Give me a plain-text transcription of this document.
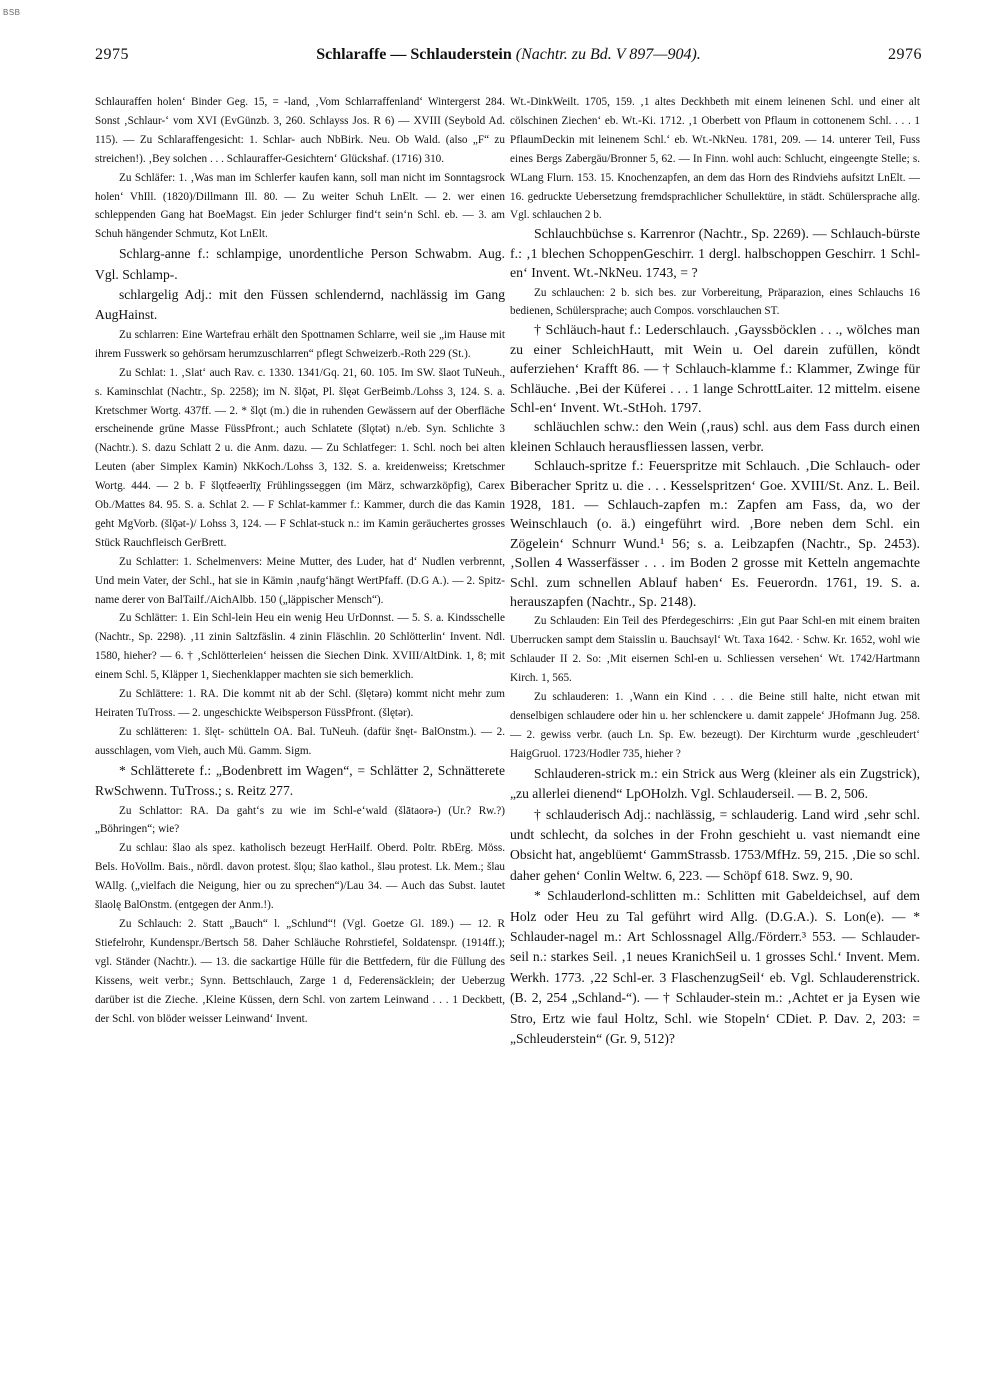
BSB
2975	Schlaraffe — Schlauderstein (Nachtr. zu Bd. V 897—904).	2976

Schlauraffen holen‘ Binder Geg. 15, = -land, ‚Vom Schlarraffenland‘ Wintergerst 284. Sonst ‚Schlaur-‘ vom XVI (EvGünzb. 3, 260. Schlayss Jos. R 6) — XVIII (Seybold Ad. 115). — Zu Schlaraffengesicht: 1. Schlar- auch NbBirk. Neu. Ob Wald. (also „F“ zu streichen!). ‚Bey solchen . . . Schlauraffer-Gesichtern‘ Glückshaf. (1716) 310.

Zu Schläfer: 1. ‚Was man im Schlerfer kaufen kann, soll man nicht im Sonntagsrock holen‘ VhIll. (1820)/Dillmann Ill. 80. — Zu weiter Schuh LnElt. — 2. wer einen schleppenden Gang hat BoeMagst. Ein jeder Schlurger find‘t sein‘n Schl. eb. — 3. am Schuh hängender Schmutz, Kot LnElt.

Schlarg-anne f.: schlampige, unordentliche Person Schwabm. Aug. Vgl. Schlamp-.

schlargelig Adj.: mit den Füssen schlendernd, nachlässig im Gang AugHainst.

Zu schlarren: Eine Wartefrau erhält den Spottnamen Schlarre, weil sie „im Hause mit ihrem Fusswerk so gehörsam herumzuschlarren“ pflegt Schweizerb.-Roth 229 (St.).

Zu Schlat: 1. ‚Slat‘ auch Rav. c. 1330. 1341/Gq. 21, 60. 105. Im SW. šlaot TuNeuh., s. Kaminschlat (Nachtr., Sp. 2258); im N. šlǭət, Pl. šlęət GerBeimb./Lohss 3, 124. S. a. Kretschmer Wortg. 437ff. — 2. * šlǫt (m.) die in ruhenden Gewässern auf der Oberfläche erscheinende grüne Masse FüssPfront.; auch Schlatete (šlǫtət) n./eb. Syn. Schlichte 3 (Nachtr.). S. dazu Schlatt 2 u. die Anm. dazu. — Zu Schlatfeger: 1. Schl. noch bei alten Leuten (aber Simplex Kamin) NkKoch./Lohss 3, 132. S. a. kreidenweiss; Kretschmer Wortg. 444. — 2 b. F šlǫtfeǝerlīχ Frühlingsseggen (im März, schwarzköpfig), Carex Ob./Mattes 84. 95. S. a. Schlat 2. — F Schlat-kammer f.: Kammer, durch die das Kamin geht MgVorb. (šlǭət-)/ Lohss 3, 124. — F Schlat-stuck n.: im Kamin geräuchertes grosses Stück Rauchfleisch GerBrett.

Zu Schlatter: 1. Schelmenvers: Meine Mutter, des Luder, hat d‘ Nudlen verbrennt, Und mein Vater, der Schl., hat sie in Kämin ‚naufg‘hängt WertPfaff. (D.G A.). — 2. Spitzname derer von BalTailf./AichAlbb. 150 („läppischer Mensch“).

Zu Schlätter: 1. Ein Schl-lein Heu ein wenig Heu UrDonnst. — 5. S. a. Kindsschelle (Nachtr., Sp. 2298). ‚11 zinin Saltzfäslin. 4 zinin Fläschlin. 20 Schlötterlin‘ Invent. Ndl. 1580, hieher? — 6. † ‚Schlötterleien‘ heissen die Siechen Dink. XVIII/AltDink. 1, 8; mit einem Schl. 5, Kläpper 1, Siechenklapper machten sie sich bemerklich.

Zu Schlättere: 1. RA. Die kommt nit ab der Schl. (šlętərə) kommt nicht mehr zum Heiraten TuTross. — 2. ungeschickte Weibsperson FüssPfront. (šlętər).

Zu schlätteren: 1. šlęt- schütteln OA. Bal. TuNeuh. (dafür šnęt- BalOnstm.). — 2. ausschlagen, vom Vieh, auch Mü. Gamm. Sigm.

* Schlätterete f.: „Bodenbrett im Wagen“, = Schlätter 2, Schnätterete RwSchwenn. TuTross.; s. Reitz 277.

Zu Schlattor: RA. Da gaht‘s zu wie im Schl-e‘wald (šlātaorə-) (Ur.? Rw.?) „Böhringen“; wie?

Zu schlau: šlao als spez. katholisch bezeugt HerHailf. Oberd. Poltr. RbErg. Möss. Bels. HoVollm. Bais., nördl. davon protest. šlǫu; šlao kathol., šlǝu protest. Lk. Mem.; šlau WAllg. („vielfach die Neigung, hier ou zu sprechen“)/Lau 34. — Auch das Subst. lautet šlaolę BalOnstm. (entgegen der Anm.!).

Zu Schlauch: 2. Statt „Bauch“ l. „Schlund“! (Vgl. Goetze Gl. 189.) — 12. R Stiefelrohr, Kundenspr./Bertsch 58. Daher Schläuche Rohrstiefel, Soldatenspr. (1914ff.); vgl. Ständer (Nachtr.). — 13. die sackartige Hülle für die Bettfedern, für die Füllung des Kissens, weit verbr.; Synn. Bettschlauch, Zarge 1 d, Federensäcklein; der Ueberzug darüber ist die Zieche. ‚Kleine Küssen, dern Schl. von zartem Leinwand . . . 1 Deckbett, der Schl. von blöder weisser Leinwand‘ Invent.

Wt.-DinkWeilt. 1705, 159. ‚1 altes Deckhbeth mit einem leinenen Schl. und einer alt cölschinen Ziechen‘ eb. Wt.-Ki. 1712. ‚1 Oberbett von Pflaum in cottonenem Schl. . . . 1 PflaumDeckin mit leinenem Schl.‘ eb. Wt.-NkNeu. 1781, 209. — 14. unterer Teil, Fuss eines Bergs Zabergäu/Bronner 5, 62. — In Finn. wohl auch: Schlucht, eingeengte Stelle; s. WLang Flurn. 153. 15. Knochenzapfen, an dem das Horn des Rindviehs aufsitzt LnElt. — 16. gedruckte Uebersetzung fremdsprachlicher Schullektüre, in städt. Schülersprache allg. Vgl. schlauchen 2 b.

Schlauchbüchse s. Karrenror (Nachtr., Sp. 2269). — Schlauch-bürste f.: ‚1 blechen SchoppenGeschirr. 1 dergl. halbschoppen Geschirr. 1 Schl-en‘ Invent. Wt.-NkNeu. 1743, = ?

Zu schlauchen: 2 b. sich bes. zur Vorbereitung, Präparazion, eines Schlauchs 16 bedienen, Schülersprache; auch Compos. vorschlauchen ST.

† Schläuch-haut f.: Lederschlauch. ‚Gayssböcklen . . ., wölches man zu einer SchleichHautt, mit Wein u. Oel darein zufüllen, köndt auferziehen‘ Krafft 86. — † Schlauch-klamme f.: Klammer, Zwinge für Schläuche. ‚Bei der Küferei . . . 1 lange SchrottLaiter. 12 mittelm. eisene Schl-en‘ Invent. Wt.-StHoh. 1797.

schläuchlen schw.: den Wein (‚raus) schl. aus dem Fass durch einen kleinen Schlauch herausfliessen lassen, verbr.

Schlauch-spritze f.: Feuerspritze mit Schlauch. ‚Die Schlauch- oder Biberacher Spritz u. die . . . Kesselspritzen‘ Goe. XVIII/St. Anz. L. Beil. 1928, 181. — Schlauch-zapfen m.: Zapfen am Fass, da, wo der Weinschlauch (o. ä.) eingeführt wird. ‚Bore neben dem Schl. ein Zögelein‘ Schnurr Wund.¹ 56; s. a. Leibzapfen (Nachtr., Sp. 2453). ‚Sollen 4 Wasserfässer . . . im Boden 2 grosse mit Ketteln angemachte Schl. zum schnellen Ablauf haben‘ Es. Feuerordn. 1761, 19. S. a. herauszapfen (Nachtr., Sp. 2148).

Zu Schlauden: Ein Teil des Pferdegeschirrs: ‚Ein gut Paar Schl-en mit einem braiten Uberrucken sampt dem Staisslin u. Bauchsayl‘ Wt. Taxa 1642. · Schw. Kr. 1652, wohl wie Schlauder II 2. So: ‚Mit eisernen Schl-en u. Schliessen versehen‘ Wt. 1742/Hartmann Kirch. 1, 565.

Zu schlauderen: 1. ‚Wann ein Kind . . . die Beine still halte, nicht etwan mit denselbigen schlaudere oder hin u. her schlenckere u. damit zappele‘ JHofmann Jug. 258. — 2. gewiss verbr. (auch Ln. Sp. Ew. bezeugt). Der Kirchturm wurde ‚geschleudert‘ HaigGruol. 1723/Hodler 735, hieher ?

Schlauderen-strick m.: ein Strick aus Werg (kleiner als ein Zugstrick), „zu allerlei dienend“ LpOHolzh. Vgl. Schlauderseil. — B. 2, 506.

† schlauderisch Adj.: nachlässig, = schlauderig. Land wird ‚sehr schl. undt schlecht, da solches in der Frohn geschieht u. vast niemandt eine Obsicht hat, angeblüemt‘ GammStrassb. 1753/MfHz. 59, 215. ‚Die so schl. daher gehen‘ Conlin Weltw. 6, 223. — Schöpf 618. Swz. 9, 90.

* Schlauderlond-schlitten m.: Schlitten mit Gabeldeichsel, auf dem Holz oder Heu zu Tal geführt wird Allg. (D.G.A.). S. Lon(e). — * Schlauder-nagel m.: Art Schlossnagel Allg./Förderr.³ 553. — Schlauder-seil n.: starkes Seil. ‚1 neues KranichSeil u. 1 grosses Schl.‘ Invent. Mem. Werkh. 1773. ‚22 Schl-er. 3 FlaschenzugSeil‘ eb. Vgl. Schlauderenstrick. (B. 2, 254 „Schland-“). — † Schlauder-stein m.: ‚Achtet er ja Eysen wie Stro, Ertz wie faul Holtz, Schl. wie Stopeln‘ CDiet. P. Dav. 2, 203: = „Schleuderstein“ (Gr. 9, 512)?
